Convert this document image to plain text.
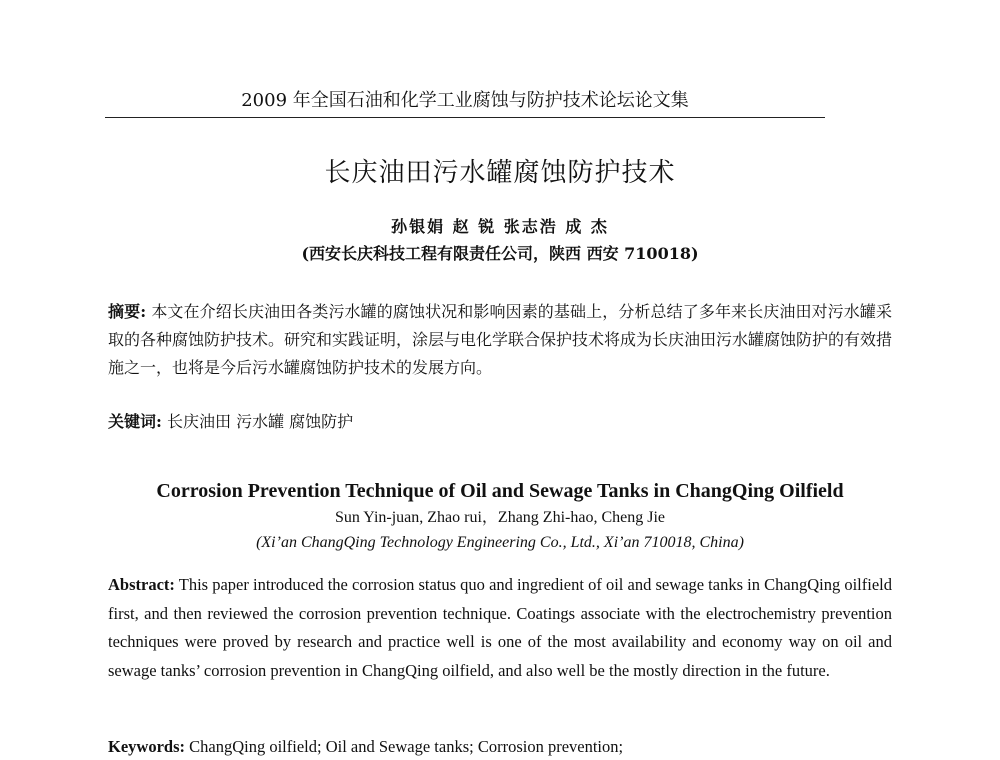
2009 年全国石油和化学工业腐蚀与防护技术论坛论文集
长庆油田污水罐腐蚀防护技术
孙银娟 赵 锐 张志浩 成 杰
(西安长庆科技工程有限责任公司，陕西 西安 710018)
摘要: 本文在介绍长庆油田各类污水罐的腐蚀状况和影响因素的基础上，分析总结了多年来长庆油田对污水罐采取的各种腐蚀防护技术。研究和实践证明，涂层与电化学联合保护技术将成为长庆油田污水罐腐蚀防护的有效措施之一，也将是今后污水罐腐蚀防护技术的发展方向。
关键词: 长庆油田 污水罐 腐蚀防护
Corrosion Prevention Technique of Oil and Sewage Tanks in ChangQing Oilfield
Sun Yin-juan, Zhao rui，Zhang Zhi-hao, Cheng Jie
(Xi’an ChangQing Technology Engineering Co., Ltd., Xi’an 710018, China)
Abstract: This paper introduced the corrosion status quo and ingredient of oil and sewage tanks in ChangQing oilfield first, and then reviewed the corrosion prevention technique. Coatings associate with the electrochemistry prevention techniques were proved by research and practice well is one of the most availability and economy way on oil and sewage tanks’ corrosion prevention in ChangQing oilfield, and also well be the mostly direction in the future.
Keywords: ChangQing oilfield; Oil and Sewage tanks; Corrosion prevention;
